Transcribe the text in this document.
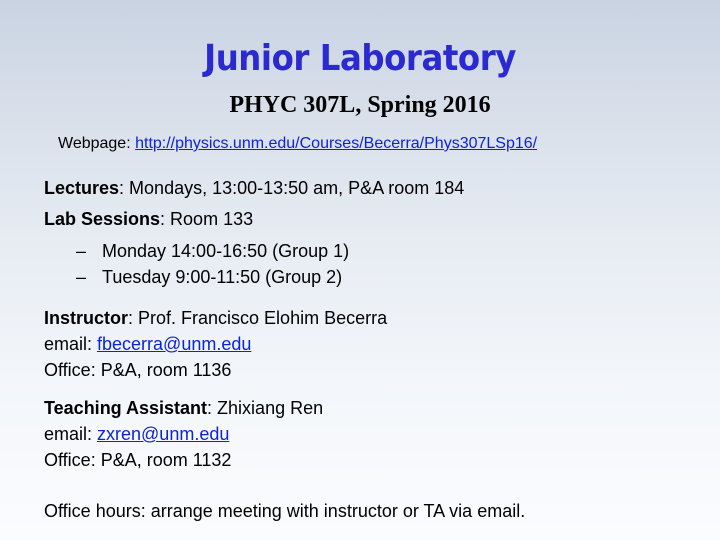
Junior Laboratory
PHYC 307L, Spring 2016
Webpage: http://physics.unm.edu/Courses/Becerra/Phys307LSp16/
Lectures: Mondays, 13:00-13:50 am, P&A room 184
Lab Sessions: Room 133
– Monday 14:00-16:50 (Group 1)
– Tuesday 9:00-11:50 (Group 2)
Instructor: Prof. Francisco Elohim Becerra
email: fbecerra@unm.edu
Office: P&A, room 1136
Teaching Assistant: Zhixiang Ren
email: zxren@unm.edu
Office: P&A, room 1132
Office hours: arrange meeting with instructor or TA via email.
